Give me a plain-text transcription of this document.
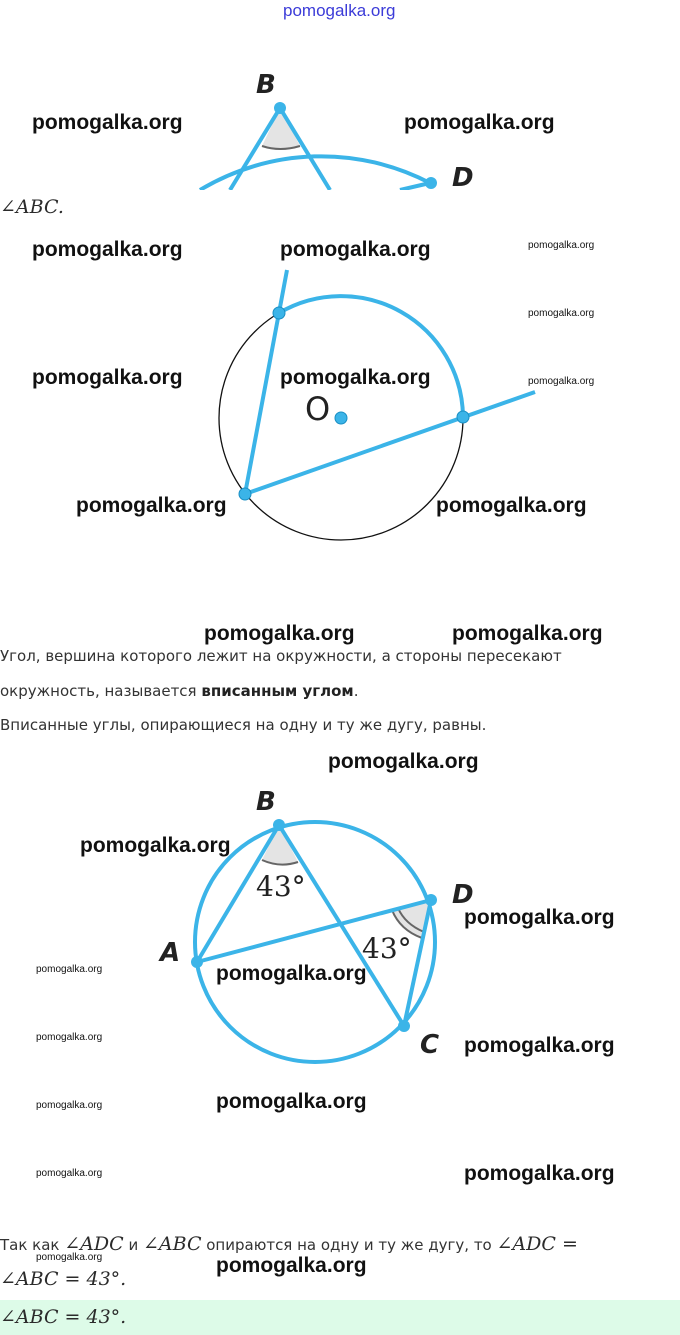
pomogalka.org
B
D
pomogalka.org	pomogalka.org
∠ABC.
O
pomogalka.org	pomogalka.org	pomogalka.org
pomogalka.org
pomogalka.org	pomogalka.org	pomogalka.org
pomogalka.org	pomogalka.org
pomogalka.org	pomogalka.org
Угол, вершина которого лежит на окружности, а стороны пересекают
окружность, называется вписанным углом.
Вписанные углы, опирающиеся на одну и ту же дугу, равны.
pomogalka.org
B
D
A
C
43°
43°
pomogalka.org
pomogalka.org
pomogalka.org	pomogalka.org
pomogalka.org	pomogalka.org
pomogalka.org	pomogalka.org
pomogalka.org	pomogalka.org
Так как ∠ADC и ∠ABC опираются на одну и ту же дугу, то ∠ADC =
∠ABC = 43°.
pomogalka.org	pomogalka.org
∠ABC = 43°.
